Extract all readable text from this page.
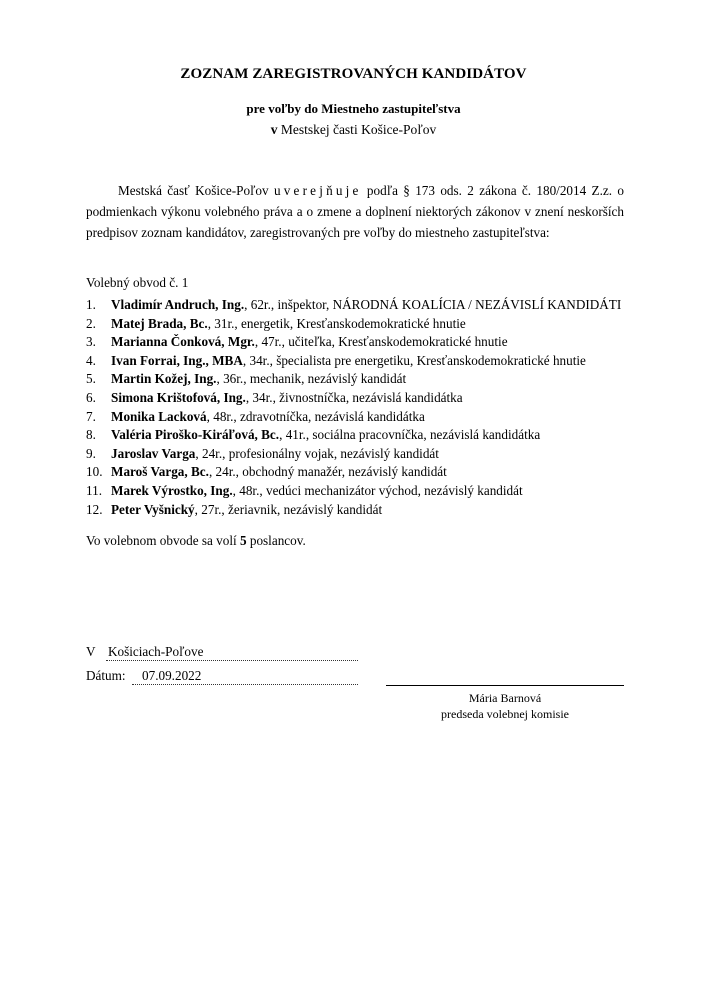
ZOZNAM ZAREGISTROVANÝCH KANDIDÁTOV
pre voľby do Miestneho zastupiteľstva
v Mestskej časti Košice-Poľov
Mestská časť Košice-Poľov uverejňuje podľa § 173 ods. 2 zákona č. 180/2014 Z.z. o podmienkach výkonu volebného práva a o zmene a doplnení niektorých zákonov v znení neskorších predpisov zoznam kandidátov, zaregistrovaných pre voľby do miestneho zastupiteľstva:
Volebný obvod č. 1
1.	Vladimír Andruch, Ing., 62r., inšpektor, NÁRODNÁ KOALÍCIA / NEZÁVISLÍ KANDIDÁTI
2.	Matej Brada, Bc., 31r., energetik, Kresťanskodemokratické hnutie
3.	Marianna Čonková, Mgr., 47r., učiteľka, Kresťanskodemokratické hnutie
4.	Ivan Forrai, Ing., MBA, 34r., špecialista pre energetiku, Kresťanskodemokratické hnutie
5.	Martin Kožej, Ing., 36r., mechanik, nezávislý kandidát
6.	Simona Krištofová, Ing., 34r., živnostníčka, nezávislá kandidátka
7.	Monika Lacková, 48r., zdravotníčka, nezávislá kandidátka
8.	Valéria Piroško-Kiráľová, Bc., 41r., sociálna pracovníčka, nezávislá kandidátka
9.	Jaroslav Varga, 24r., profesionálny vojak, nezávislý kandidát
10. Maroš Varga, Bc., 24r., obchodný manažér, nezávislý kandidát
11. Marek Výrostko, Ing., 48r., vedúci mechanizátor východ, nezávislý kandidát
12. Peter Vyšnický, 27r., žeriavnik, nezávislý kandidát
Vo volebnom obvode sa volí 5 poslancov.
V Košiciach-Poľove
Dátum:	07.09.2022
Mária Barnová
predseda volebnej komisie
